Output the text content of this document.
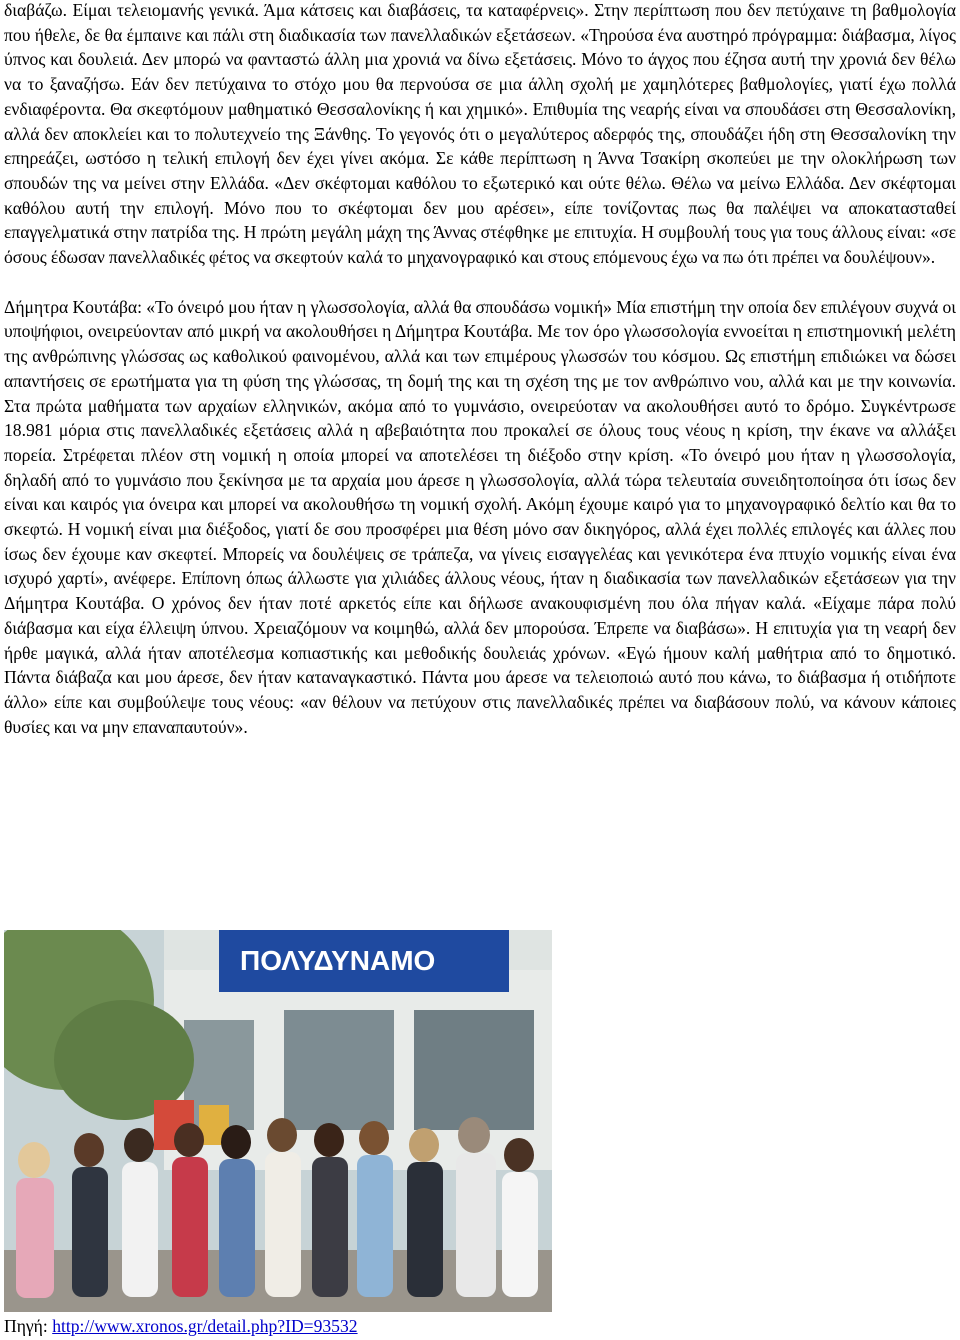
διαβάζω. Είμαι τελειομανής γενικά. Άμα κάτσεις και διαβάσεις, τα καταφέρνεις». Στην περίπτωση που δεν πετύχαινε τη βαθμολογία που ήθελε, δε θα έμπαινε και πάλι στη διαδικασία των πανελλαδικών εξετάσεων. «Τηρούσα ένα αυστηρό πρόγραμμα: διάβασμα, λίγος ύπνος και δουλειά. Δεν μπορώ να φανταστώ άλλη μια χρονιά να δίνω εξετάσεις. Μόνο το άγχος που έζησα αυτή την χρονιά δεν θέλω να το ξαναζήσω. Εάν δεν πετύχαινα το στόχο μου θα περνούσα σε μια άλλη σχολή με χαμηλότερες βαθμολογίες, γιατί έχω πολλά ενδιαφέροντα. Θα σκεφτόμουν μαθηματικό Θεσσαλονίκης ή και χημικό». Επιθυμία της νεαρής είναι να σπουδάσει στη Θεσσαλονίκη, αλλά δεν αποκλείει και το πολυτεχνείο της Ξάνθης. Το γεγονός ότι ο μεγαλύτερος αδερφός της, σπουδάζει ήδη στη Θεσσαλονίκη την επηρεάζει, ωστόσο η τελική επιλογή δεν έχει γίνει ακόμα. Σε κάθε περίπτωση η Άννα Τσακίρη σκοπεύει με την ολοκλήρωση των σπουδών της να μείνει στην Ελλάδα. «Δεν σκέφτομαι καθόλου το εξωτερικό και ούτε θέλω. Θέλω να μείνω Ελλάδα. Δεν σκέφτομαι καθόλου αυτή την επιλογή. Μόνο που το σκέφτομαι δεν μου αρέσει», είπε τονίζοντας πως θα παλέψει να αποκατασταθεί επαγγελματικά στην πατρίδα της. Η πρώτη μεγάλη μάχη της Άννας στέφθηκε με επιτυχία. Η συμβουλή τους για τους άλλους είναι: «σε όσους έδωσαν πανελλαδικές φέτος να σκεφτούν καλά το μηχανογραφικό και στους επόμενους έχω να πω ότι πρέπει να δουλέψουν».

Δήμητρα Κουτάβα: «Το όνειρό μου ήταν η γλωσσολογία, αλλά θα σπουδάσω νομική» Μία επιστήμη την οποία δεν επιλέγουν συχνά οι υποψήφιοι, ονειρεύονταν από μικρή να ακολουθήσει η Δήμητρα Κουτάβα. Με τον όρο γλωσσολογία εννοείται η επιστημονική μελέτη της ανθρώπινης γλώσσας ως καθολικού φαινομένου, αλλά και των επιμέρους γλωσσών του κόσμου. Ως επιστήμη επιδιώκει να δώσει απαντήσεις σε ερωτήματα για τη φύση της γλώσσας, τη δομή της και τη σχέση της με τον ανθρώπινο νου, αλλά και με την κοινωνία. Στα πρώτα μαθήματα των αρχαίων ελληνικών, ακόμα από το γυμνάσιο, ονειρεύοταν να ακολουθήσει αυτό το δρόμο. Συγκέντρωσε 18.981 μόρια στις πανελλαδικές εξετάσεις αλλά η αβεβαιότητα που προκαλεί σε όλους τους νέους η κρίση, την έκανε να αλλάξει πορεία. Στρέφεται πλέον στη νομική η οποία μπορεί να αποτελέσει τη διέξοδο στην κρίση. «Το όνειρό μου ήταν η γλωσσολογία, δηλαδή από το γυμνάσιο που ξεκίνησα με τα αρχαία μου άρεσε η γλωσσολογία, αλλά τώρα τελευταία συνειδητοποίησα ότι ίσως δεν είναι και καιρός για όνειρα και μπορεί να ακολουθήσω τη νομική σχολή. Ακόμη έχουμε καιρό για το μηχανογραφικό δελτίο και θα το σκεφτώ. Η νομική είναι μια διέξοδος, γιατί δε σου προσφέρει μια θέση μόνο σαν δικηγόρος, αλλά έχει πολλές επιλογές και άλλες που ίσως δεν έχουμε καν σκεφτεί. Μπορείς να δουλέψεις σε τράπεζα, να γίνεις εισαγγελέας και γενικότερα ένα πτυχίο νομικής είναι ένα ισχυρό χαρτί», ανέφερε. Επίπονη όπως άλλωστε για χιλιάδες άλλους νέους, ήταν η διαδικασία των πανελλαδικών εξετάσεων για την Δήμητρα Κουτάβα. Ο χρόνος δεν ήταν ποτέ αρκετός είπε και δήλωσε ανακουφισμένη που όλα πήγαν καλά. «Είχαμε πάρα πολύ διάβασμα και είχα έλλειψη ύπνου. Χρειαζόμουν να κοιμηθώ, αλλά δεν μπορούσα. Έπρεπε να διαβάσω». Η επιτυχία για τη νεαρή δεν ήρθε μαγικά, αλλά ήταν αποτέλεσμα κοπιαστικής και μεθοδικής δουλειάς χρόνων. «Εγώ ήμουν καλή μαθήτρια από το δημοτικό. Πάντα διάβαζα και μου άρεσε, δεν ήταν καταναγκαστικό. Πάντα μου άρεσε να τελειοποιώ αυτό που κάνω, το διάβασμα ή οτιδήποτε άλλο» είπε και συμβούλεψε τους νέους: «αν θέλουν να πετύχουν στις πανελλαδικές πρέπει να διαβάσουν πολύ, να κάνουν κάποιες θυσίες και να μην επαναπαυτούν».

ΠΟΛΥΔΥΝΑΜΟ
Πηγή: http://www.xronos.gr/detail.php?ID=93532
